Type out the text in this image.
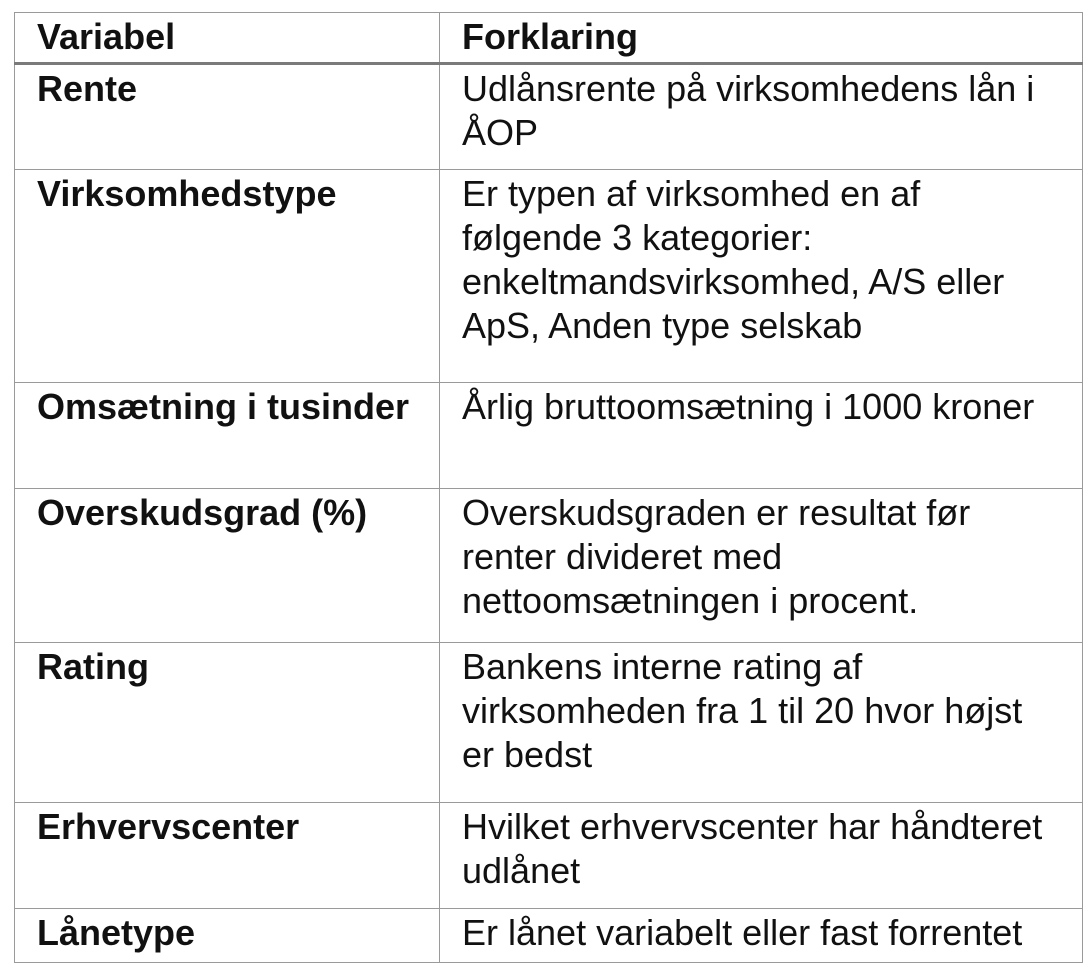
Variabel	Forklaring
Rente	Udlånsrente på virksomhedens lån i ÅOP
Virksomhedstype	Er typen af virksomhed en af følgende 3 kategorier: enkeltmandsvirksomhed, A/S eller ApS, Anden type selskab
Omsætning i tusinder	Årlig bruttoomsætning i 1000 kroner
Overskudsgrad (%)	Overskudsgraden er resultat før renter divideret med nettoomsætningen i procent.
Rating	Bankens interne rating af virksomheden fra 1 til 20 hvor højst er bedst
Erhvervscenter	Hvilket erhvervscenter har håndteret udlånet
Lånetype	Er lånet variabelt eller fast forrentet
